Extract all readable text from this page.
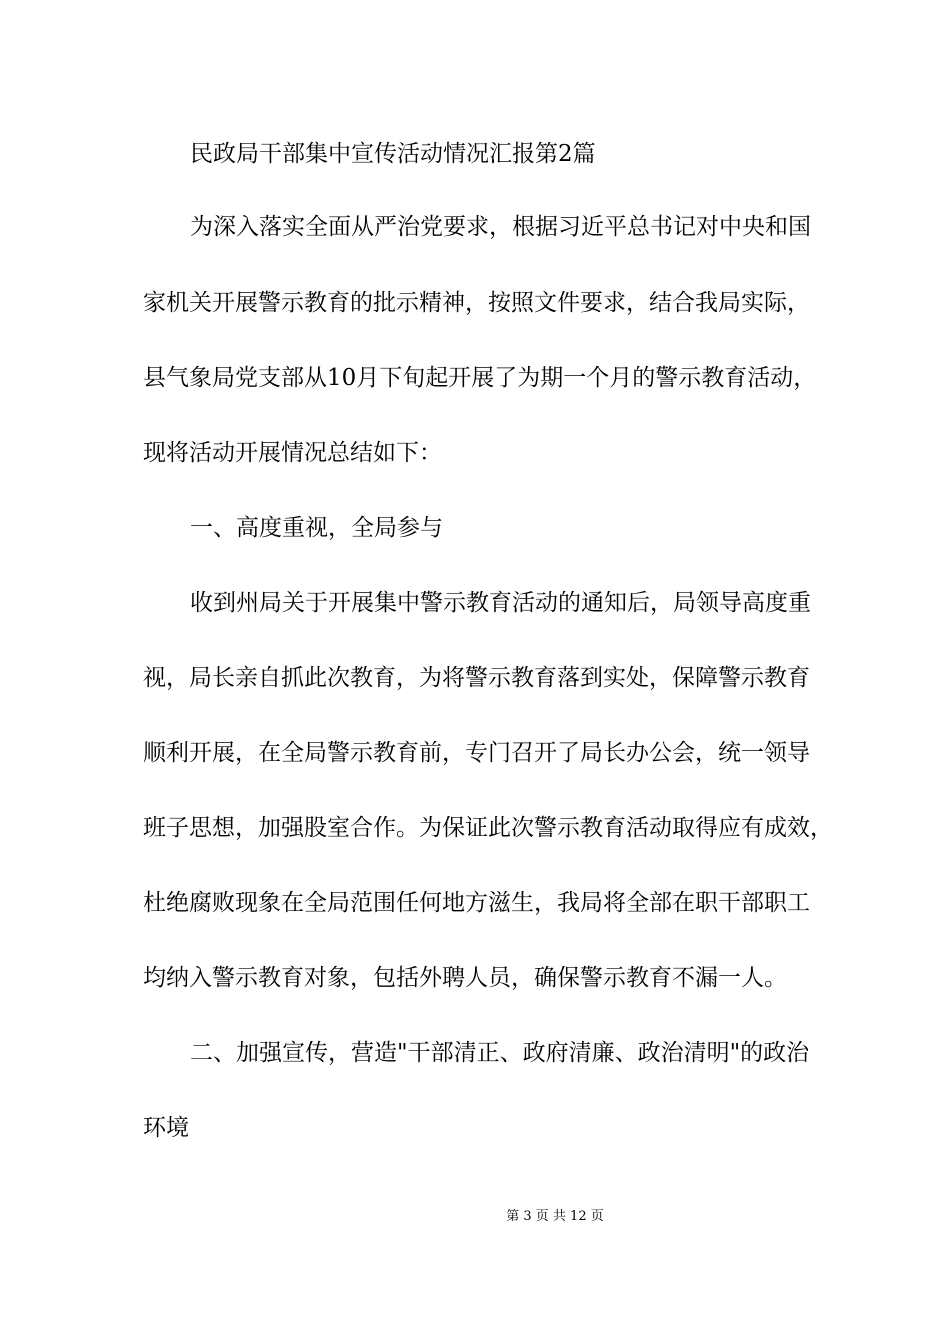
民政局干部集中宣传活动情况汇报第2篇
为深入落实全面从严治党要求，根据习近平总书记对中央和国
家机关开展警示教育的批示精神，按照文件要求，结合我局实际，
县气象局党支部从10月下旬起开展了为期一个月的警示教育活动，
现将活动开展情况总结如下：
一、高度重视，全局参与
收到州局关于开展集中警示教育活动的通知后，局领导高度重
视，局长亲自抓此次教育，为将警示教育落到实处，保障警示教育
顺利开展，在全局警示教育前，专门召开了局长办公会，统一领导
班子思想，加强股室合作。为保证此次警示教育活动取得应有成效，
杜绝腐败现象在全局范围任何地方滋生，我局将全部在职干部职工
均纳入警示教育对象，包括外聘人员，确保警示教育不漏一人。
二、加强宣传，营造"干部清正、政府清廉、政治清明"的政治
环境
第 3 页 共 12 页
